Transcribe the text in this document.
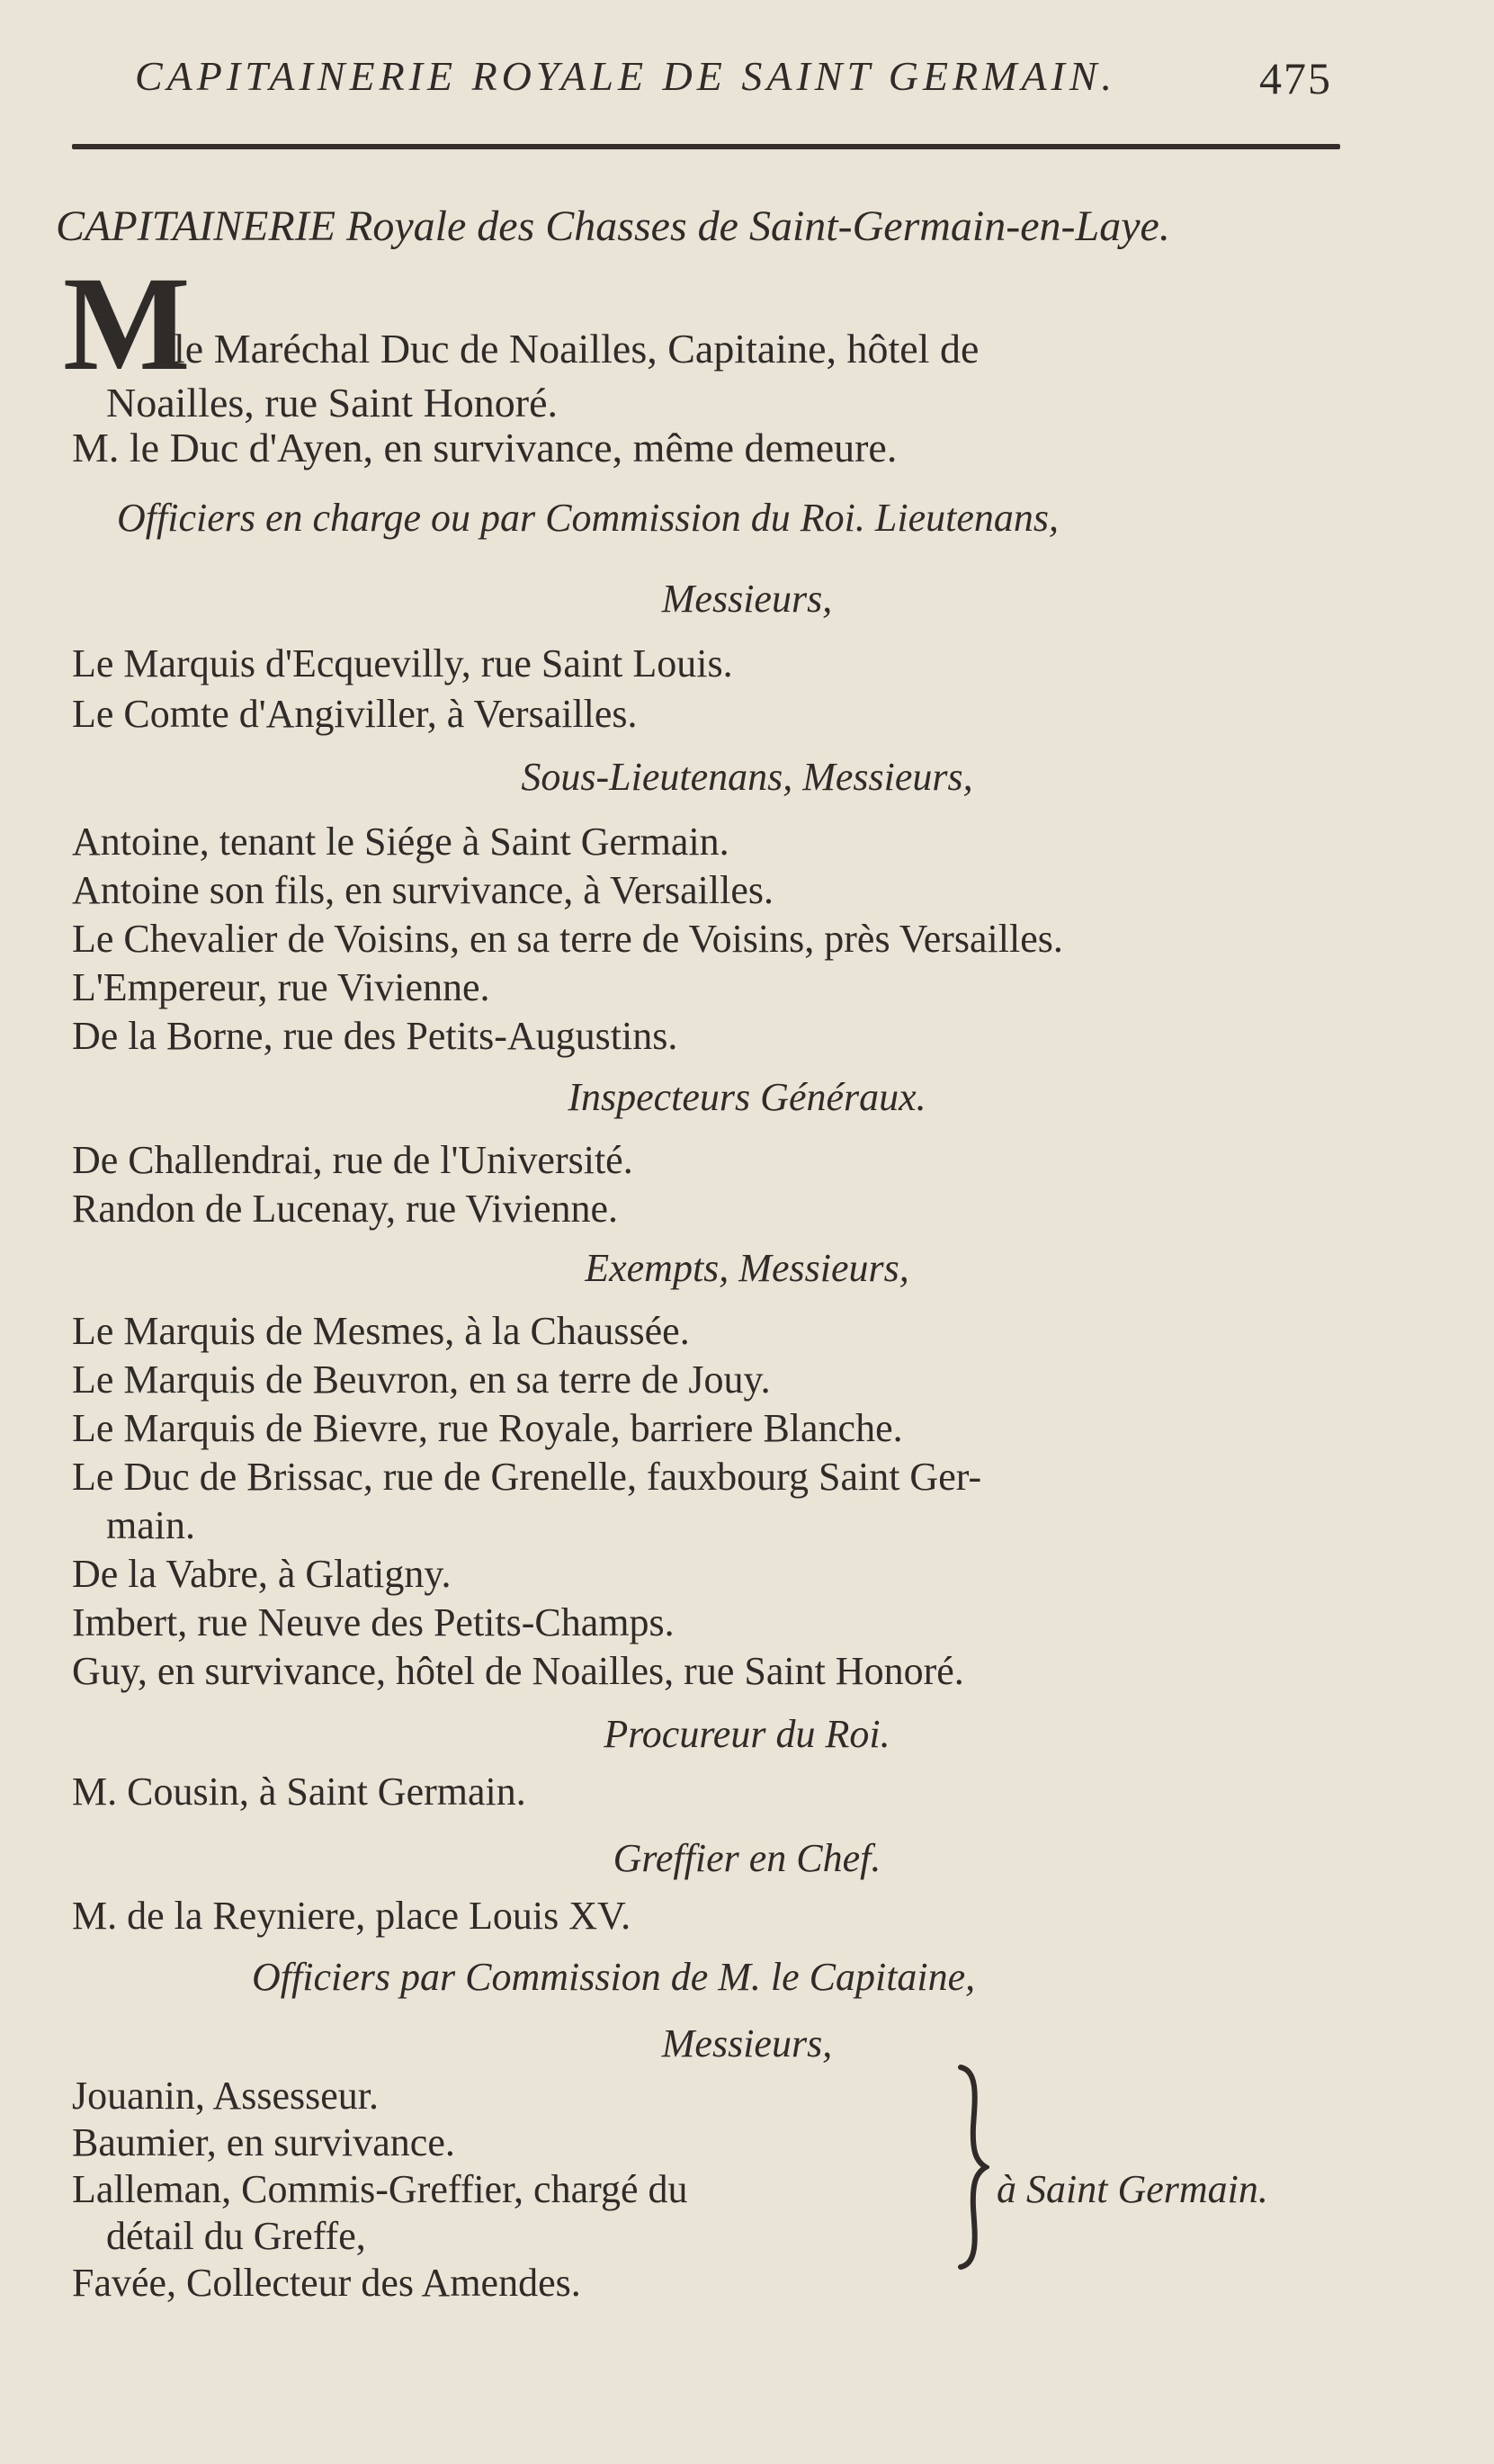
CAPITAINERIE ROYALE DE SAINT GERMAIN.	475
CAPITAINERIE Royale des Chasses de Saint-Germain-en-Laye.
M
. le Maréchal Duc de Noailles, Capitaine, hôtel de
Noailles, rue Saint Honoré.
M. le Duc d'Ayen, en survivance, même demeure.
Officiers en charge ou par Commission du Roi. Lieutenans,
Messieurs,
Le Marquis d'Ecquevilly, rue Saint Louis.
Le Comte d'Angiviller, à Versailles.
Sous-Lieutenans, Messieurs,
Antoine, tenant le Siége à Saint Germain.
Antoine son fils, en survivance, à Versailles.
Le Chevalier de Voisins, en sa terre de Voisins, près Versailles.
L'Empereur, rue Vivienne.
De la Borne, rue des Petits-Augustins.
Inspecteurs Généraux.
De Challendrai, rue de l'Université.
Randon de Lucenay, rue Vivienne.
Exempts, Messieurs,
Le Marquis de Mesmes, à la Chaussée.
Le Marquis de Beuvron, en sa terre de Jouy.
Le Marquis de Bievre, rue Royale, barriere Blanche.
Le Duc de Brissac, rue de Grenelle, fauxbourg Saint Ger-
main.
De la Vabre, à Glatigny.
Imbert, rue Neuve des Petits-Champs.
Guy, en survivance, hôtel de Noailles, rue Saint Honoré.
Procureur du Roi.
M. Cousin, à Saint Germain.
Greffier en Chef.
M. de la Reyniere, place Louis XV.
Officiers par Commission de M. le Capitaine,
Messieurs,
Jouanin, Assesseur.
Baumier, en survivance.
Lalleman, Commis-Greffier, chargé du
détail du Greffe,
Favée, Collecteur des Amendes.
à Saint Germain.
